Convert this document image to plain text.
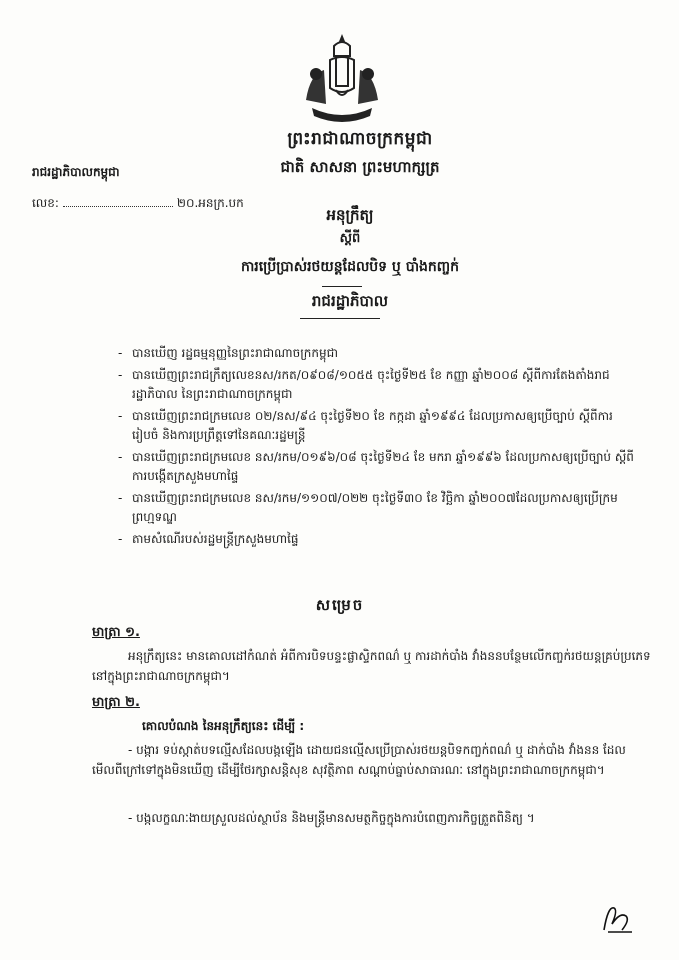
ព្រះរាជាណាចក្រកម្ពុជា
ជាតិ សាសនា ព្រះមហាក្សត្រ
រាជរដ្ឋាភិបាលកម្ពុជា
លេខ:	២០.អនក្រ.បក
អនុក្រឹត្យ
ស្តីពី
ការប្រើប្រាស់រថយន្តដែលបិទ ឬ បាំងកញ្ចក់
រាជរដ្ឋាភិបាល
- បានឃើញ រដ្ឋធម្មនុញ្ញនៃព្រះរាជាណាចក្រកម្ពុជា
- បានឃើញព្រះរាជក្រឹត្យលេខនស/រកត/០៩០៨/១០៥៥ ចុះថ្ងៃទី២៥ ខែ កញ្ញា ឆ្នាំ២០០៨ ស្តីពីការតែងតាំងរាជរដ្ឋាភិបាល នៃព្រះរាជាណាចក្រកម្ពុជា
- បានឃើញព្រះរាជក្រមលេខ ០២/នស/៩៤ ចុះថ្ងៃទី២០ ខែ កក្កដា ឆ្នាំ១៩៩៤ ដែលប្រកាសឲ្យប្រើច្បាប់ ស្តីពីការរៀបចំ និងការប្រព្រឹត្តទៅនៃគណៈរដ្ឋមន្ត្រី
- បានឃើញព្រះរាជក្រមលេខ នស/រកម/០១៩៦/០៨ ចុះថ្ងៃទី២៤ ខែ មករា ឆ្នាំ១៩៩៦ ដែលប្រកាសឲ្យប្រើច្បាប់ ស្តីពីការបង្កើតក្រសួងមហាផ្ទៃ
- បានឃើញព្រះរាជក្រមលេខ នស/រកម/១១០៧/០២២ ចុះថ្ងៃទី៣០ ខែ វិច្ឆិកា ឆ្នាំ២០០៧ដែលប្រកាសឲ្យប្រើក្រមព្រហ្មទណ្ឌ
- តាមសំណើរបស់រដ្ឋមន្ត្រីក្រសួងមហាផ្ទៃ
សម្រេច
មាត្រា ១.
អនុក្រឹត្យនេះ មានគោលដៅកំណត់ អំពីការបិទបន្ទះផ្លាស្ទិកពណ៌ ឬ ការដាក់បាំង វាំងននបន្ថែមលើកញ្ចក់រថយន្តគ្រប់ប្រភេទ នៅក្នុងព្រះរាជាណាចក្រកម្ពុជា។
មាត្រា ២.
គោលបំណង នៃអនុក្រឹត្យនេះ ដើម្បី :
- បង្ការ ទប់ស្កាត់បទល្មើសដែលបង្កឡើង ដោយជនល្មើសប្រើប្រាស់រថយន្តបិទកញ្ចក់ពណ៌ ឬ ដាក់បាំង វាំងនន ដែលមើលពីក្រៅទៅក្នុងមិនឃើញ ដើម្បីថែរក្សាសន្តិសុខ សុវត្ថិភាព សណ្តាប់ធ្នាប់សាធារណៈ នៅក្នុងព្រះរាជាណាចក្រកម្ពុជា។
- បង្កលក្ខណៈងាយស្រួលដល់ស្ថាប័ន និងមន្ត្រីមានសមត្ថកិច្ចក្នុងការបំពេញភារកិច្ចត្រួតពិនិត្យ ។
